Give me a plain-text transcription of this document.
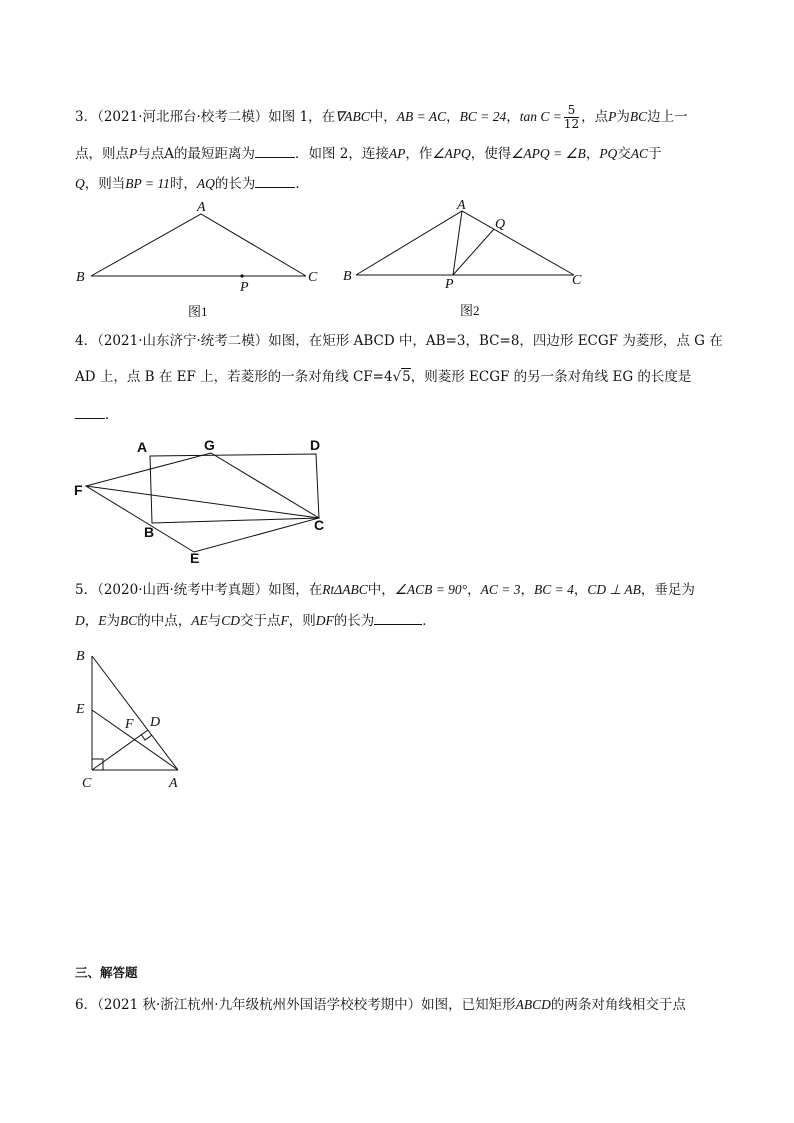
3．（2021·河北邢台·校考二模）如图 1，在∇ABC中，AB = AC，BC = 24，$\tan C = \frac{5}{12}$ ，点P为BC边上一
点，则点P与点A的最短距离为	．如图 2，连接AP，作∠APQ，使得∠APQ = ∠B，PQ交AC于
Q，则当BP = 11时，AQ的长为	．
A
B	C
P
图1
A
B	C
P
Q
图2
4．（2021·山东济宁·统考二模）如图，在矩形 ABCD 中，AB=3，BC=8，四边形 ECGF 为菱形，点 G 在
AD 上，点 B 在 EF 上，若菱形的一条对角线 CF=4√5，则菱形 ECGF 的另一条对角线 EG 的长度是
．
A	G	D
F
C
B
E
5．（2020·山西·统考中考真题）如图，在RtΔABC中，∠ACB = 90°，AC = 3，BC = 4，CD ⊥ AB，垂足为
D，E为BC的中点，AE与CD交于点F，则DF的长为	．
B
E
F D
C	A
三、解答题
6．（2021 秋·浙江杭州·九年级杭州外国语学校校考期中）如图，已知矩形ABCD的两条对角线相交于点
